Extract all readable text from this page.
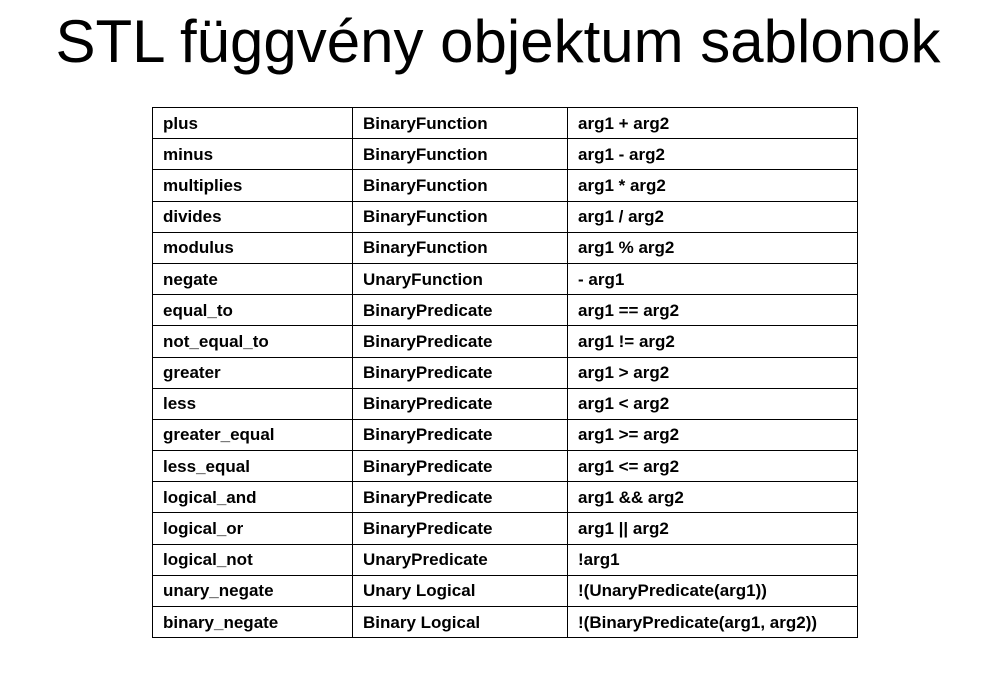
STL függvény objektum sablonok
plus	BinaryFunction	arg1 + arg2
minus	BinaryFunction	arg1 - arg2
multiplies	BinaryFunction	arg1 * arg2
divides	BinaryFunction	arg1 / arg2
modulus	BinaryFunction	arg1 % arg2
negate	UnaryFunction	- arg1
equal_to	BinaryPredicate	arg1 == arg2
not_equal_to	BinaryPredicate	arg1 != arg2
greater	BinaryPredicate	arg1 > arg2
less	BinaryPredicate	arg1 < arg2
greater_equal	BinaryPredicate	arg1 >= arg2
less_equal	BinaryPredicate	arg1 <= arg2
logical_and	BinaryPredicate	arg1 && arg2
logical_or	BinaryPredicate	arg1 || arg2
logical_not	UnaryPredicate	!arg1
unary_negate	Unary Logical	!(UnaryPredicate(arg1))
binary_negate	Binary Logical	!(BinaryPredicate(arg1, arg2))
